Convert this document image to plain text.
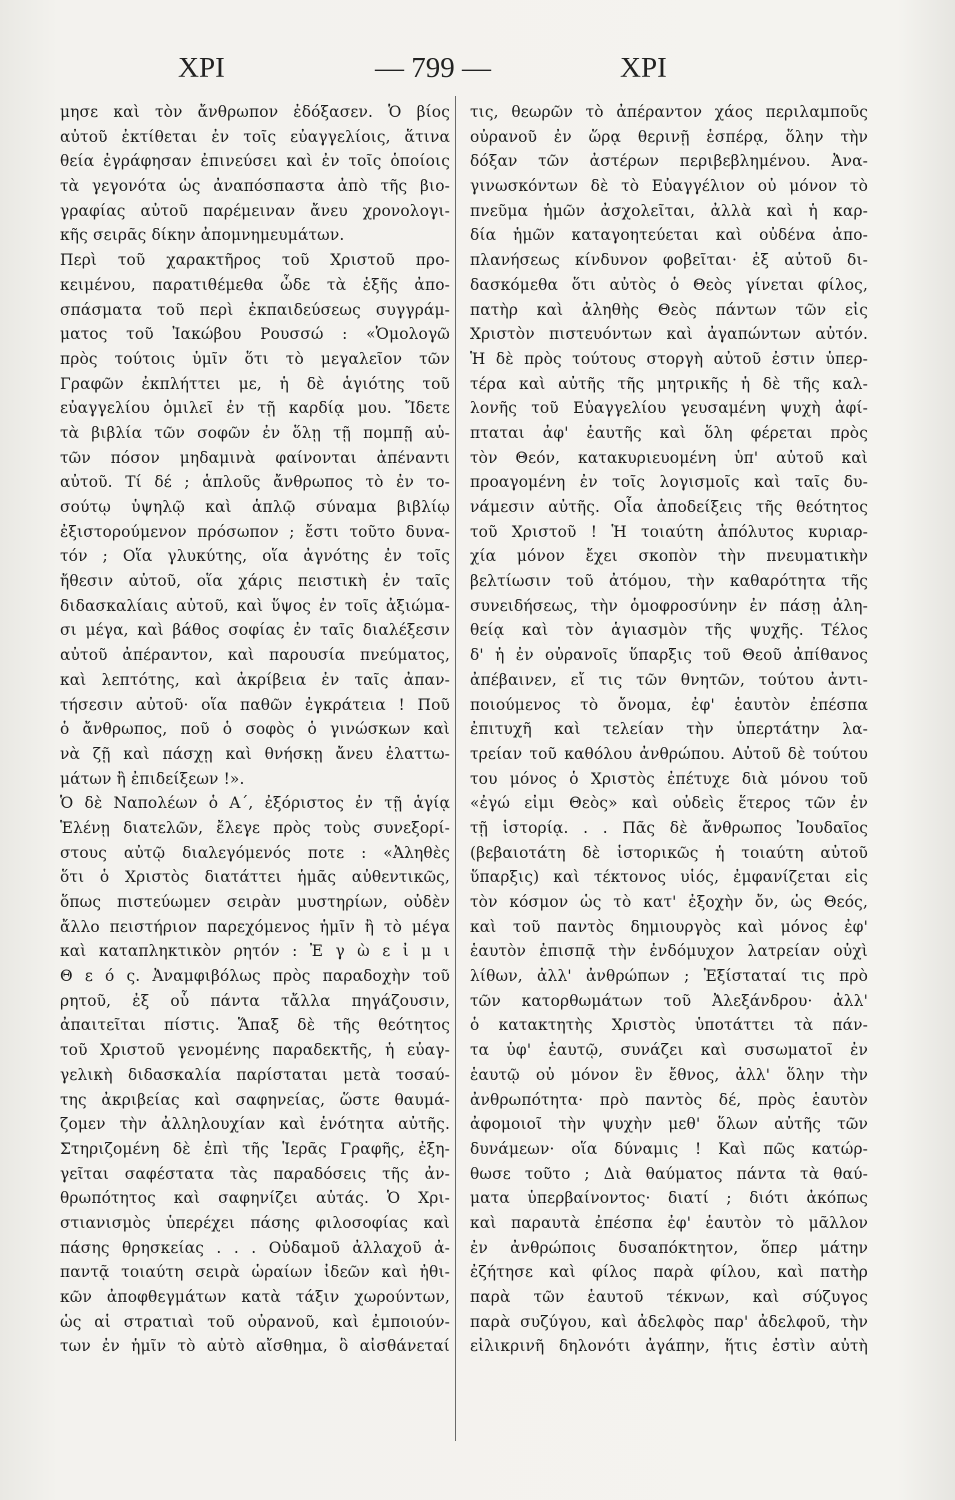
ΧΡΙ	— 799 —	ΧΡΙ
μησε καὶ τὸν ἄνθρωπον ἐδόξασεν. Ὁ βίος
αὐτοῦ ἐκτίθεται ἐν τοῖς εὐαγγελίοις, ἅτινα
θεία ἐγράφησαν ἐπινεύσει καὶ ἐν τοῖς ὁποίοις
τὰ γεγονότα ὡς ἀναπόσπαστα ἀπὸ τῆς βιο-
γραφίας αὐτοῦ παρέμειναν ἄνευ χρονολογι-
κῆς σειρᾶς δίκην ἀπομνημευμάτων.
Περὶ τοῦ χαρακτῆρος τοῦ Χριστοῦ προ-
κειμένου, παρατιθέμεθα ὧδε τὰ ἑξῆς ἀπο-
σπάσματα τοῦ περὶ ἐκπαιδεύσεως συγγράμ-
ματος τοῦ Ἰακώβου Ρουσσώ : «Ὁμολογῶ
πρὸς τούτοις ὑμῖν ὅτι τὸ μεγαλεῖον τῶν
Γραφῶν ἐκπλήττει με, ἡ δὲ ἁγιότης τοῦ
εὐαγγελίου ὁμιλεῖ ἐν τῇ καρδίᾳ μου. Ἴδετε
τὰ βιβλία τῶν σοφῶν ἐν ὅλῃ τῇ πομπῇ αὐ-
τῶν πόσον μηδαμινὰ φαίνονται ἀπέναντι
αὐτοῦ. Τί δέ ; ἁπλοῦς ἄνθρωπος τὸ ἐν το-
σούτῳ ὑψηλῷ καὶ ἁπλῷ σύναμα βιβλίῳ
ἐξιστορούμενον πρόσωπον ; ἔστι τοῦτο δυνα-
τόν ; Οἵα γλυκύτης, οἵα ἀγνότης ἐν τοῖς
ἤθεσιν αὐτοῦ, οἵα χάρις πειστικὴ ἐν ταῖς
διδασκαλίαις αὐτοῦ, καὶ ὕψος ἐν τοῖς ἀξιώμα-
σι μέγα, καὶ βάθος σοφίας ἐν ταῖς διαλέξεσιν
αὐτοῦ ἀπέραντον, καὶ παρουσία πνεύματος,
καὶ λεπτότης, καὶ ἀκρίβεια ἐν ταῖς ἀπαν-
τήσεσιν αὐτοῦ· οἵα παθῶν ἐγκράτεια ! Ποῦ
ὁ ἄνθρωπος, ποῦ ὁ σοφὸς ὁ γινώσκων καὶ
νὰ ζῇ καὶ πάσχῃ καὶ θνήσκῃ ἄνευ ἐλαττω-
μάτων ἢ ἐπιδείξεων !».
Ὁ δὲ Ναπολέων ὁ Α΄, ἐξόριστος ἐν τῇ ἁγίᾳ
Ἑλένῃ διατελῶν, ἔλεγε πρὸς τοὺς συνεξορί-
στους αὐτῷ διαλεγόμενός ποτε : «Ἀληθὲς
ὅτι ὁ Χριστὸς διατάττει ἡμᾶς αὐθεντικῶς,
ὅπως πιστεύωμεν σειρὰν μυστηρίων, οὐδὲν
ἄλλο πειστήριον παρεχόμενος ἡμῖν ἢ τὸ μέγα
καὶ καταπληκτικὸν ρητόν : Ἐ γ ὼ ε ἰ μ ι
Θ ε ό ς. Ἀναμφιβόλως πρὸς παραδοχὴν τοῦ
ρητοῦ, ἐξ οὗ πάντα τἄλλα πηγάζουσιν,
ἀπαιτεῖται πίστις. Ἅπαξ δὲ τῆς θεότητος
τοῦ Χριστοῦ γενομένης παραδεκτῆς, ἡ εὐαγ-
γελικὴ διδασκαλία παρίσταται μετὰ τοσαύ-
της ἀκριβείας καὶ σαφηνείας, ὥστε θαυμά-
ζομεν τὴν ἀλληλουχίαν καὶ ἑνότητα αὐτῆς.
Στηριζομένη δὲ ἐπὶ τῆς Ἱερᾶς Γραφῆς, ἐξη-
γεῖται σαφέστατα τὰς παραδόσεις τῆς ἀν-
θρωπότητος καὶ σαφηνίζει αὐτάς. Ὁ Χρι-
στιανισμὸς ὑπερέχει πάσης φιλοσοφίας καὶ
πάσης θρησκείας . . . Οὐδαμοῦ ἀλλαχοῦ ἀ-
παντᾷ τοιαύτη σειρὰ ὡραίων ἰδεῶν καὶ ἠθι-
κῶν ἀποφθεγμάτων κατὰ τάξιν χωρούντων,
ὡς αἱ στρατιαὶ τοῦ οὐρανοῦ, καὶ ἐμποιούν-
των ἐν ἡμῖν τὸ αὐτὸ αἴσθημα, ὃ αἰσθάνεταί
τις, θεωρῶν τὸ ἀπέραντον χάος περιλαμποῦς
οὐρανοῦ ἐν ὥρᾳ θερινῇ ἑσπέρᾳ, ὅλην τὴν
δόξαν τῶν ἀστέρων περιβεβλημένου. Ἀνα-
γινωσκόντων δὲ τὸ Εὐαγγέλιον οὐ μόνον τὸ
πνεῦμα ἡμῶν ἀσχολεῖται, ἀλλὰ καὶ ἡ καρ-
δία ἡμῶν καταγοητεύεται καὶ οὐδένα ἀπο-
πλανήσεως κίνδυνον φοβεῖται· ἐξ αὐτοῦ δι-
δασκόμεθα ὅτι αὐτὸς ὁ Θεὸς γίνεται φίλος,
πατὴρ καὶ ἀληθὴς Θεὸς πάντων τῶν εἰς
Χριστὸν πιστευόντων καὶ ἀγαπώντων αὐτόν.
Ἡ δὲ πρὸς τούτους στοργὴ αὐτοῦ ἐστιν ὑπερ-
τέρα καὶ αὐτῆς τῆς μητρικῆς ἡ δὲ τῆς καλ-
λονῆς τοῦ Εὐαγγελίου γευσαμένη ψυχὴ ἀφί-
πταται ἀφ' ἑαυτῆς καὶ ὅλη φέρεται πρὸς
τὸν Θεόν, κατακυριευομένη ὑπ' αὐτοῦ καὶ
προαγομένη ἐν τοῖς λογισμοῖς καὶ ταῖς δυ-
νάμεσιν αὐτῆς. Οἷα ἀποδείξεις τῆς θεότητος
τοῦ Χριστοῦ ! Ἡ τοιαύτη ἀπόλυτος κυριαρ-
χία μόνον ἔχει σκοπὸν τὴν πνευματικὴν
βελτίωσιν τοῦ ἀτόμου, τὴν καθαρότητα τῆς
συνειδήσεως, τὴν ὁμοφροσύνην ἐν πάσῃ ἀλη-
θείᾳ καὶ τὸν ἁγιασμὸν τῆς ψυχῆς. Τέλος
δ' ἡ ἐν οὐρανοῖς ὕπαρξις τοῦ Θεοῦ ἀπίθανος
ἀπέβαινεν, εἴ τις τῶν θνητῶν, τούτου ἀντι-
ποιούμενος τὸ ὄνομα, ἐφ' ἑαυτὸν ἐπέσπα
ἐπιτυχῆ καὶ τελείαν τὴν ὑπερτάτην λα-
τρείαν τοῦ καθόλου ἀνθρώπου. Αὐτοῦ δὲ τούτου
του μόνος ὁ Χριστὸς ἐπέτυχε διὰ μόνου τοῦ
«ἐγώ εἰμι Θεὸς» καὶ οὐδεὶς ἕτερος τῶν ἐν
τῇ ἱστορίᾳ. . . Πᾶς δὲ ἄνθρωπος Ἰουδαῖος
(βεβαιοτάτη δὲ ἱστορικῶς ἡ τοιαύτη αὐτοῦ
ὕπαρξις) καὶ τέκτονος υἱός, ἐμφανίζεται εἰς
τὸν κόσμον ὡς τὸ κατ' ἐξοχὴν ὄν, ὡς Θεός,
καὶ τοῦ παντὸς δημιουργὸς καὶ μόνος ἐφ'
ἑαυτὸν ἐπισπᾷ τὴν ἐνδόμυχον λατρείαν οὐχὶ
λίθων, ἀλλ' ἀνθρώπων ; Ἐξίσταταί τις πρὸ
τῶν κατορθωμάτων τοῦ Ἀλεξάνδρου· ἀλλ'
ὁ κατακτητὴς Χριστὸς ὑποτάττει τὰ πάν-
τα ὑφ' ἑαυτῷ, συνάζει καὶ συσωματοῖ ἐν
ἑαυτῷ οὐ μόνον ἓν ἔθνος, ἀλλ' ὅλην τὴν
ἀνθρωπότητα· πρὸ παντὸς δέ, πρὸς ἑαυτὸν
ἀφομοιοῖ τὴν ψυχὴν μεθ' ὅλων αὐτῆς τῶν
δυνάμεων· οἵα δύναμις ! Καὶ πῶς κατώρ-
θωσε τοῦτο ; Διὰ θαύματος πάντα τὰ θαύ-
ματα ὑπερβαίνοντος· διατί ; διότι ἀκόπως
καὶ παραυτὰ ἐπέσπα ἐφ' ἑαυτὸν τὸ μᾶλλον
ἐν ἀνθρώποις δυσαπόκτητον, ὅπερ μάτην
ἐζήτησε καὶ φίλος παρὰ φίλου, καὶ πατὴρ
παρὰ τῶν ἑαυτοῦ τέκνων, καὶ σύζυγος
παρὰ συζύγου, καὶ ἀδελφὸς παρ' ἀδελφοῦ, τὴν
εἰλικρινῆ δηλονότι ἀγάπην, ἥτις ἐστὶν αὐτὴ
